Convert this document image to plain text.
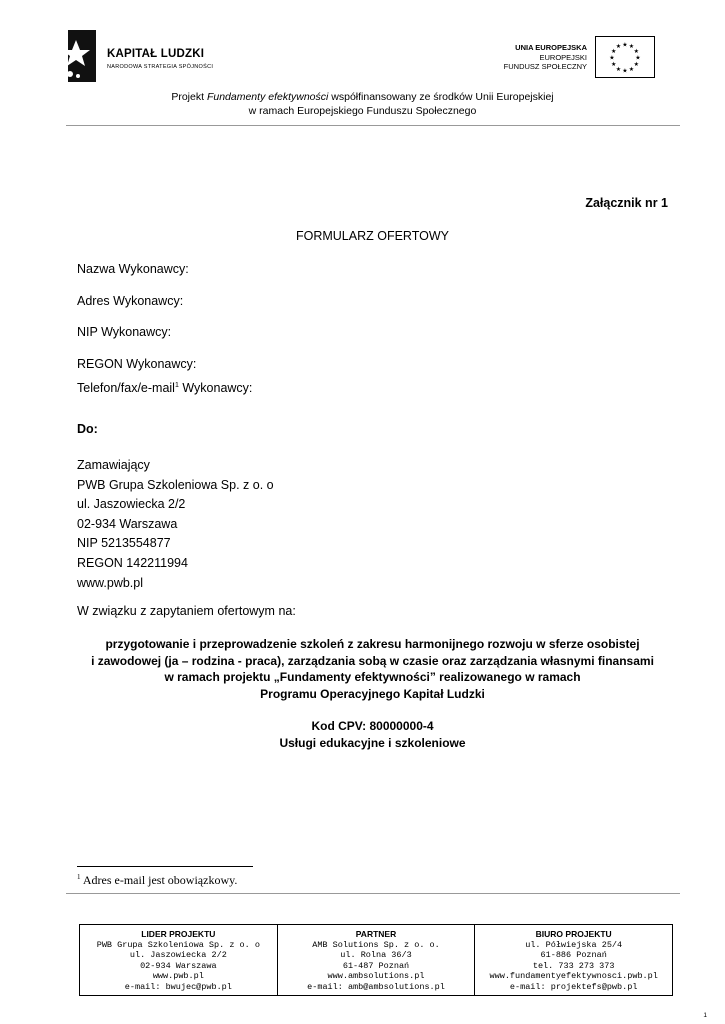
KAPITAŁ LUDZKI
NARODOWA STRATEGIA SPÓJNOŚCI
UNIA EUROPEJSKA
EUROPEJSKI
FUNDUSZ SPOŁECZNY
★
★
★
★
★
★
★
★
★ ★ ★
★
Projekt Fundamenty efektywności współfinansowany ze środków Unii Europejskiej
w ramach Europejskiego Funduszu Społecznego
Załącznik nr 1
FORMULARZ OFERTOWY
Nazwa Wykonawcy:
Adres Wykonawcy:
NIP Wykonawcy:
REGON Wykonawcy:
Telefon/fax/e-mail$^1$ Wykonawcy:
Do:
Zamawiający
PWB Grupa Szkoleniowa Sp. z o. o
ul. Jaszowiecka 2/2
02-934 Warszawa
NIP 5213554877
REGON 142211994
www.pwb.pl
W związku z zapytaniem ofertowym na:
przygotowanie i przeprowadzenie szkoleń z zakresu harmonijnego rozwoju w sferze osobistej
i zawodowej (ja – rodzina - praca), zarządzania sobą w czasie oraz zarządzania własnymi finansami
w ramach projektu „Fundamenty efektywności” realizowanego w ramach
Programu Operacyjnego Kapitał Ludzki
Kod CPV: 80000000-4
Usługi edukacyjne i szkoleniowe
$^1$ Adres e-mail jest obowiązkowy.
LIDER PROJEKTU
PWB Grupa Szkoleniowa Sp. z o. o
ul. Jaszowiecka 2/2
02-934 Warszawa
www.pwb.pl
e-mail: bwujec@pwb.pl
PARTNER
AMB Solutions Sp. z o. o.
ul. Rolna 36/3
61-487 Poznań
www.ambsolutions.pl
e-mail: amb@ambsolutions.pl
BIURO PROJEKTU
ul. Półwiejska 25/4
61-886 Poznań
tel. 733 273 373
www.fundamentyefektywnosci.pwb.pl
e-mail: projektefs@pwb.pl
1
